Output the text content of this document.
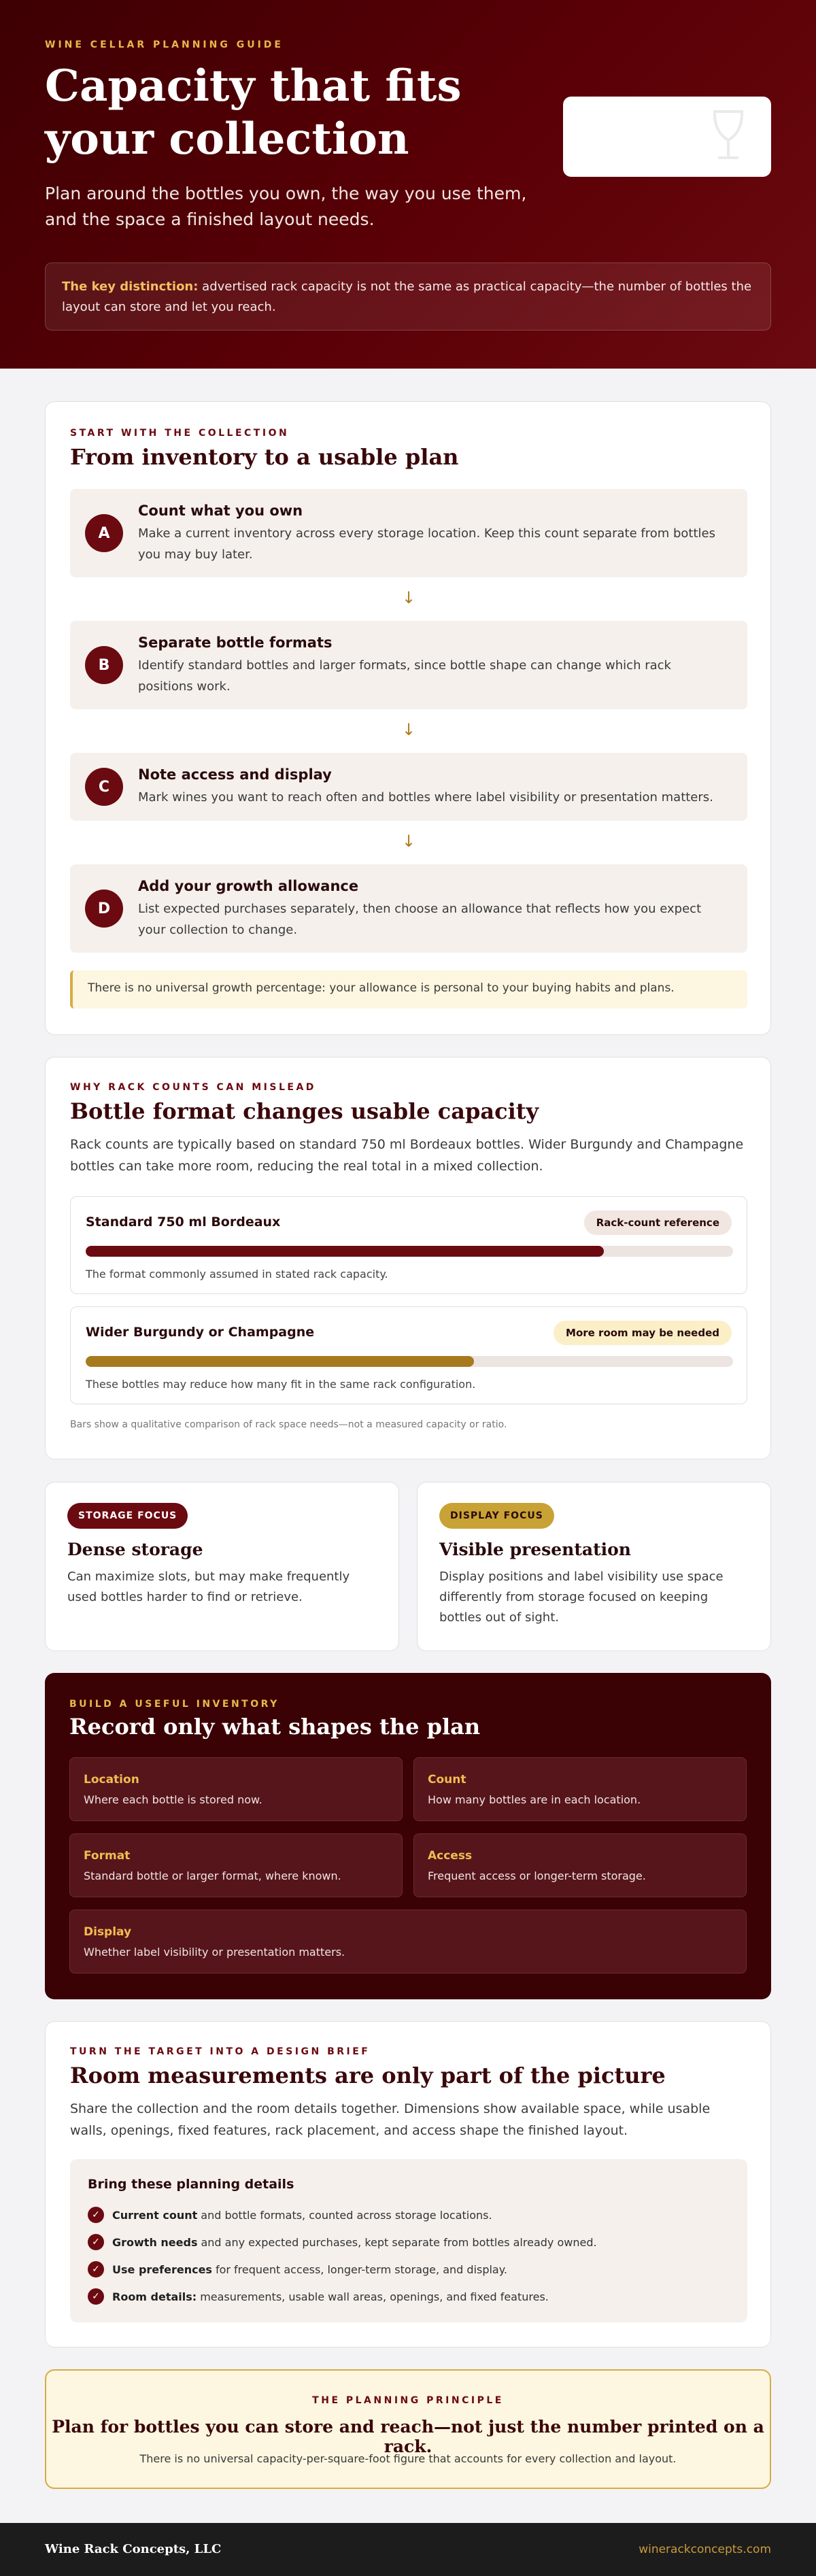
WINE CELLAR PLANNING GUIDE
Capacity that fits your collection
Plan around the bottles you own, the way you use them, and the space a finished layout needs.
The key distinction: advertised rack capacity is not the same as practical capacity—the number of bottles the layout can store and let you reach.
START WITH THE COLLECTION
From inventory to a usable plan
A
Count what you own
Make a current inventory across every storage location. Keep this count separate from bottles you may buy later.
↓
B
Separate bottle formats
Identify standard bottles and larger formats, since bottle shape can change which rack positions work.
↓
C
Note access and display
Mark wines you want to reach often and bottles where label visibility or presentation matters.
↓
D
Add your growth allowance
List expected purchases separately, then choose an allowance that reflects how you expect your collection to change.
There is no universal growth percentage: your allowance is personal to your buying habits and plans.
WHY RACK COUNTS CAN MISLEAD
Bottle format changes usable capacity
Rack counts are typically based on standard 750 ml Bordeaux bottles. Wider Burgundy and Champagne bottles can take more room, reducing the real total in a mixed collection.
Standard 750 ml Bordeaux	Rack-count reference
The format commonly assumed in stated rack capacity.
Wider Burgundy or Champagne	More room may be needed
These bottles may reduce how many fit in the same rack configuration.
Bars show a qualitative comparison of rack space needs—not a measured capacity or ratio.
STORAGE FOCUS
Dense storage
Can maximize slots, but may make frequently used bottles harder to find or retrieve.
DISPLAY FOCUS
Visible presentation
Display positions and label visibility use space differently from storage focused on keeping bottles out of sight.
BUILD A USEFUL INVENTORY
Record only what shapes the plan
Location
Where each bottle is stored now.
Count
How many bottles are in each location.
Format
Standard bottle or larger format, where known.
Access
Frequent access or longer-term storage.
Display
Whether label visibility or presentation matters.
TURN THE TARGET INTO A DESIGN BRIEF
Room measurements are only part of the picture
Share the collection and the room details together. Dimensions show available space, while usable walls, openings, fixed features, rack placement, and access shape the finished layout.
Bring these planning details
✓	Current count and bottle formats, counted across storage locations.
✓	Growth needs and any expected purchases, kept separate from bottles already owned.
✓	Use preferences for frequent access, longer-term storage, and display.
✓	Room details: measurements, usable wall areas, openings, and fixed features.
THE PLANNING PRINCIPLE
Plan for bottles you can store and reach—not just the number printed on a rack.
There is no universal capacity-per-square-foot figure that accounts for every collection and layout.
Wine Rack Concepts, LLC	winerackconcepts.com
